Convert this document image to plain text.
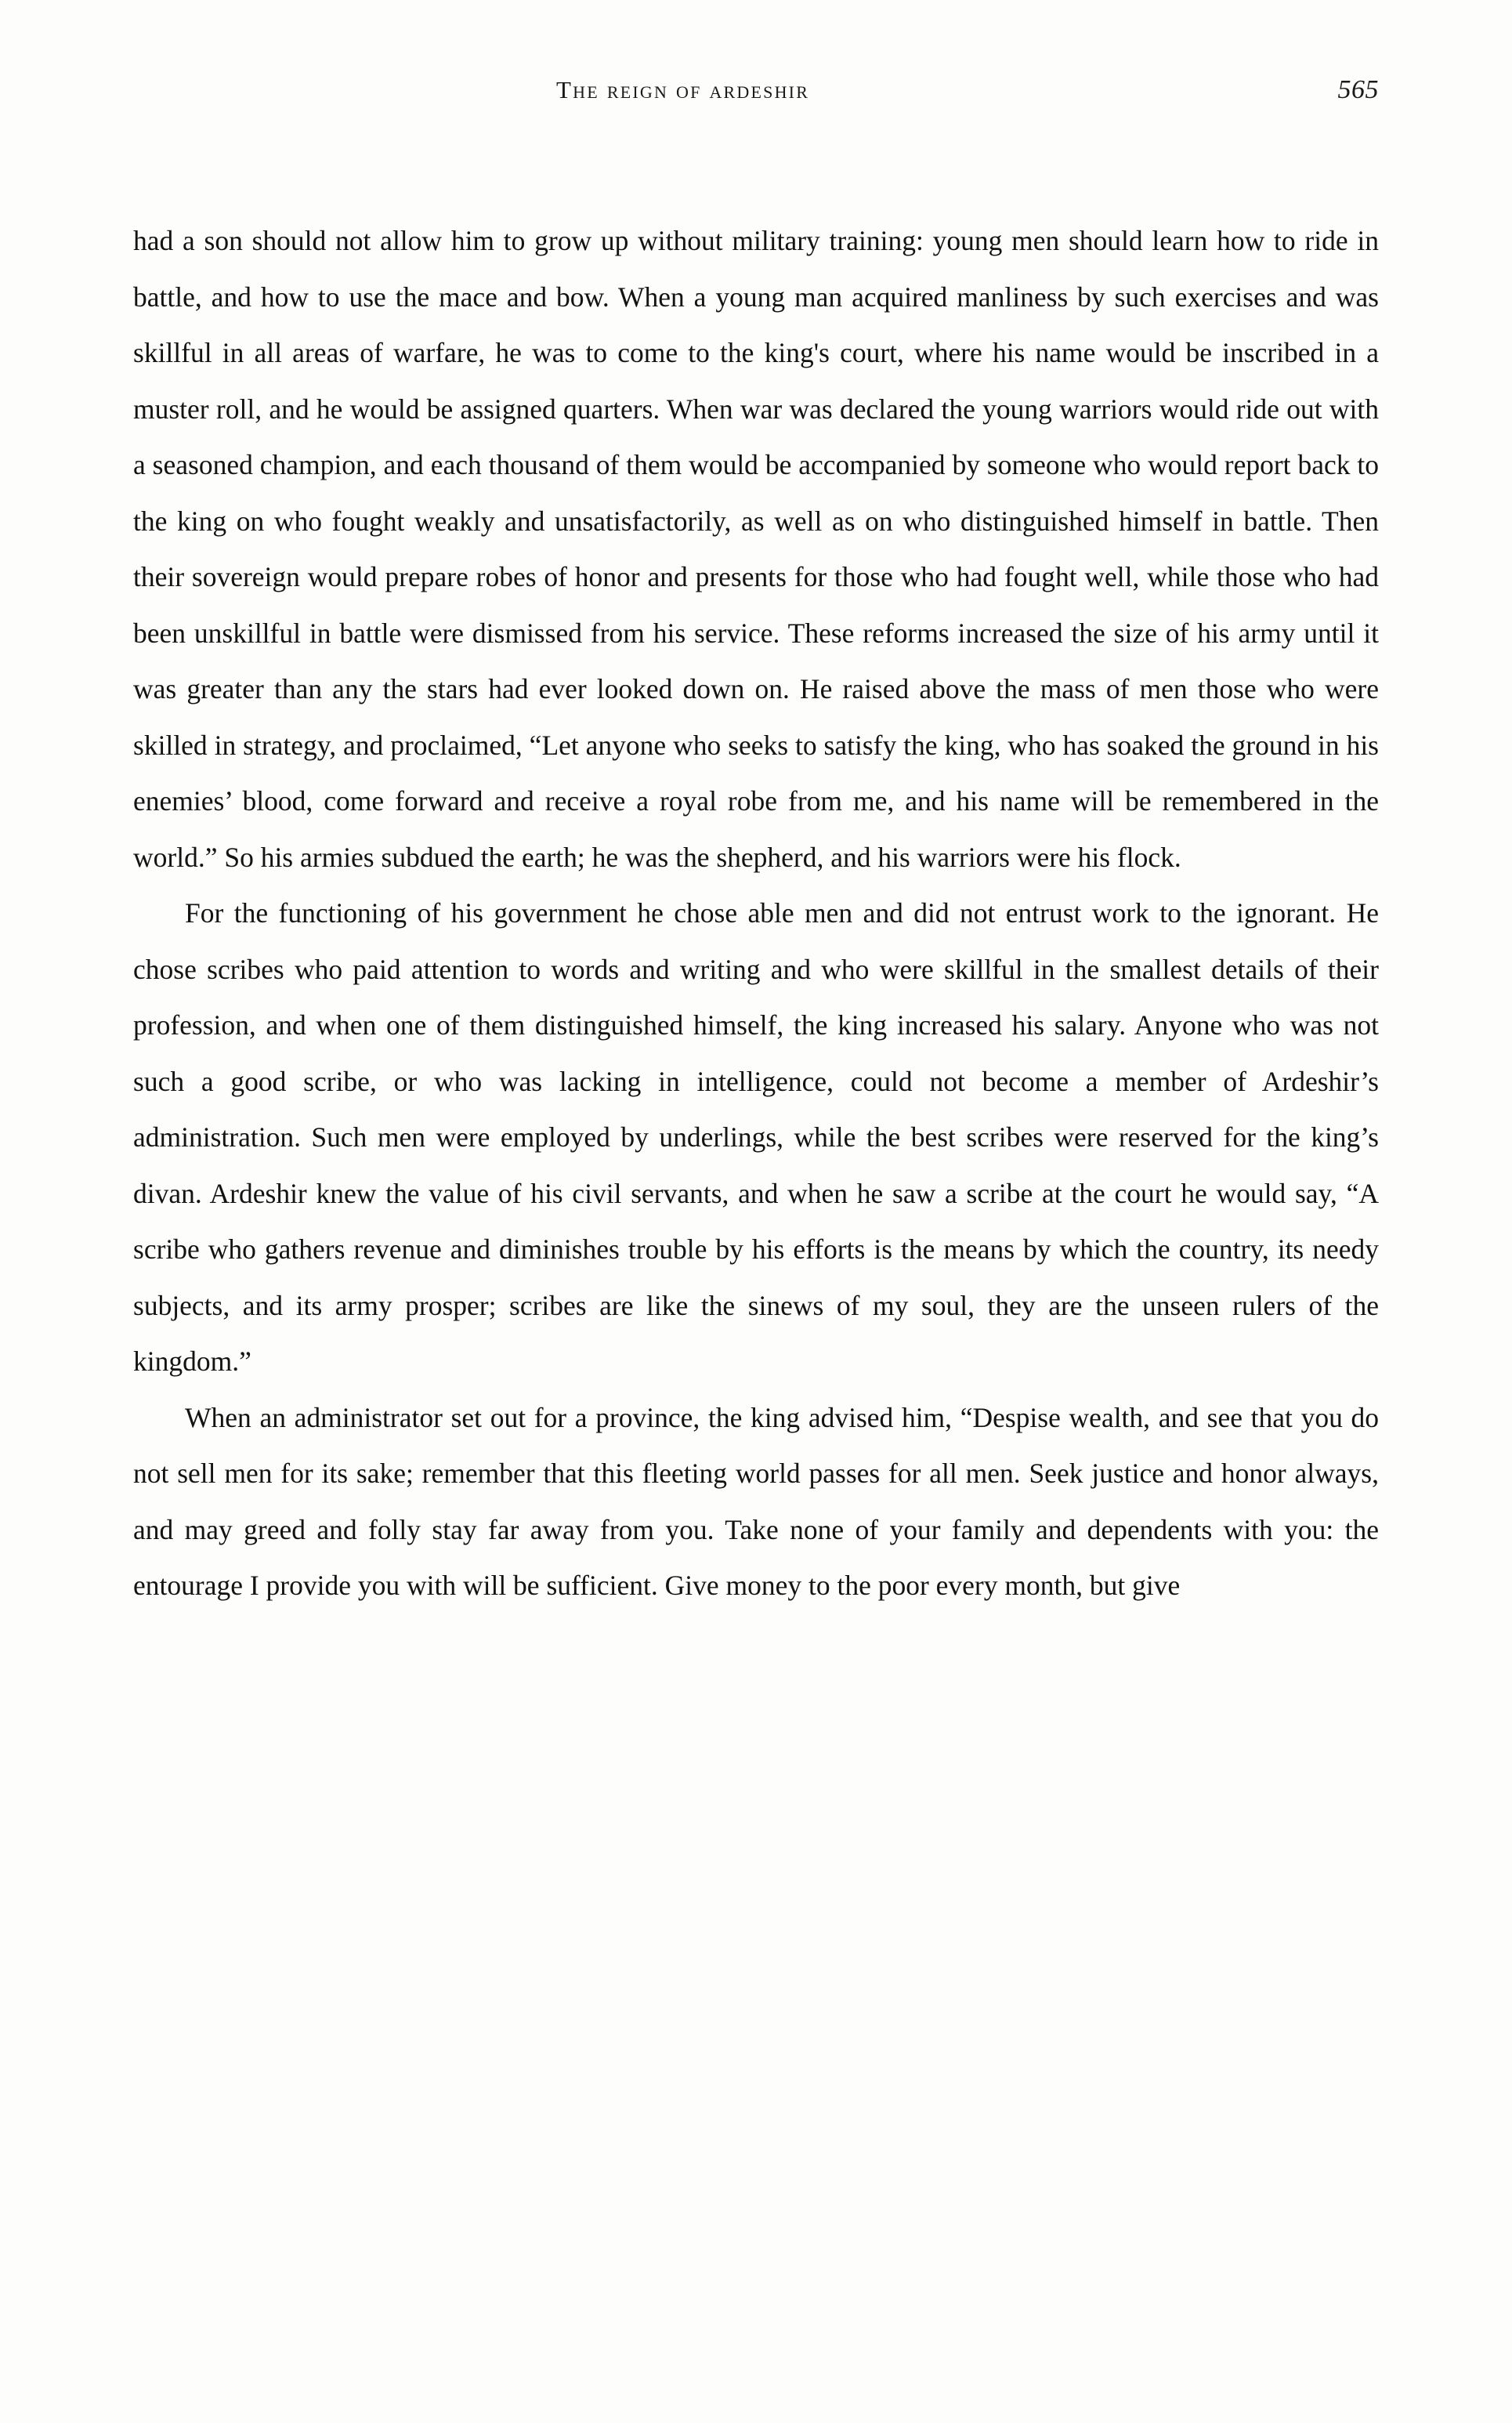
The reign of ardeshir	565

had a son should not allow him to grow up without military training: young men should learn how to ride in battle, and how to use the mace and bow. When a young man acquired manliness by such exercises and was skillful in all areas of warfare, he was to come to the king's court, where his name would be inscribed in a muster roll, and he would be assigned quarters. When war was declared the young warriors would ride out with a seasoned champion, and each thousand of them would be accompanied by someone who would report back to the king on who fought weakly and unsatisfactorily, as well as on who distinguished himself in battle. Then their sovereign would prepare robes of honor and presents for those who had fought well, while those who had been unskillful in battle were dismissed from his service. These reforms increased the size of his army until it was greater than any the stars had ever looked down on. He raised above the mass of men those who were skilled in strategy, and proclaimed, “Let anyone who seeks to satisfy the king, who has soaked the ground in his enemies’ blood, come forward and receive a royal robe from me, and his name will be remembered in the world.” So his armies subdued the earth; he was the shepherd, and his warriors were his flock.

For the functioning of his government he chose able men and did not entrust work to the ignorant. He chose scribes who paid attention to words and writing and who were skillful in the smallest details of their profession, and when one of them distinguished himself, the king increased his salary. Anyone who was not such a good scribe, or who was lacking in intelligence, could not become a member of Ardeshir’s administration. Such men were employed by underlings, while the best scribes were reserved for the king’s divan. Ardeshir knew the value of his civil servants, and when he saw a scribe at the court he would say, “A scribe who gathers revenue and diminishes trouble by his efforts is the means by which the country, its needy subjects, and its army prosper; scribes are like the sinews of my soul, they are the unseen rulers of the kingdom.”

When an administrator set out for a province, the king advised him, “Despise wealth, and see that you do not sell men for its sake; remember that this fleeting world passes for all men. Seek justice and honor always, and may greed and folly stay far away from you. Take none of your family and dependents with you: the entourage I provide you with will be sufficient. Give money to the poor every month, but give
